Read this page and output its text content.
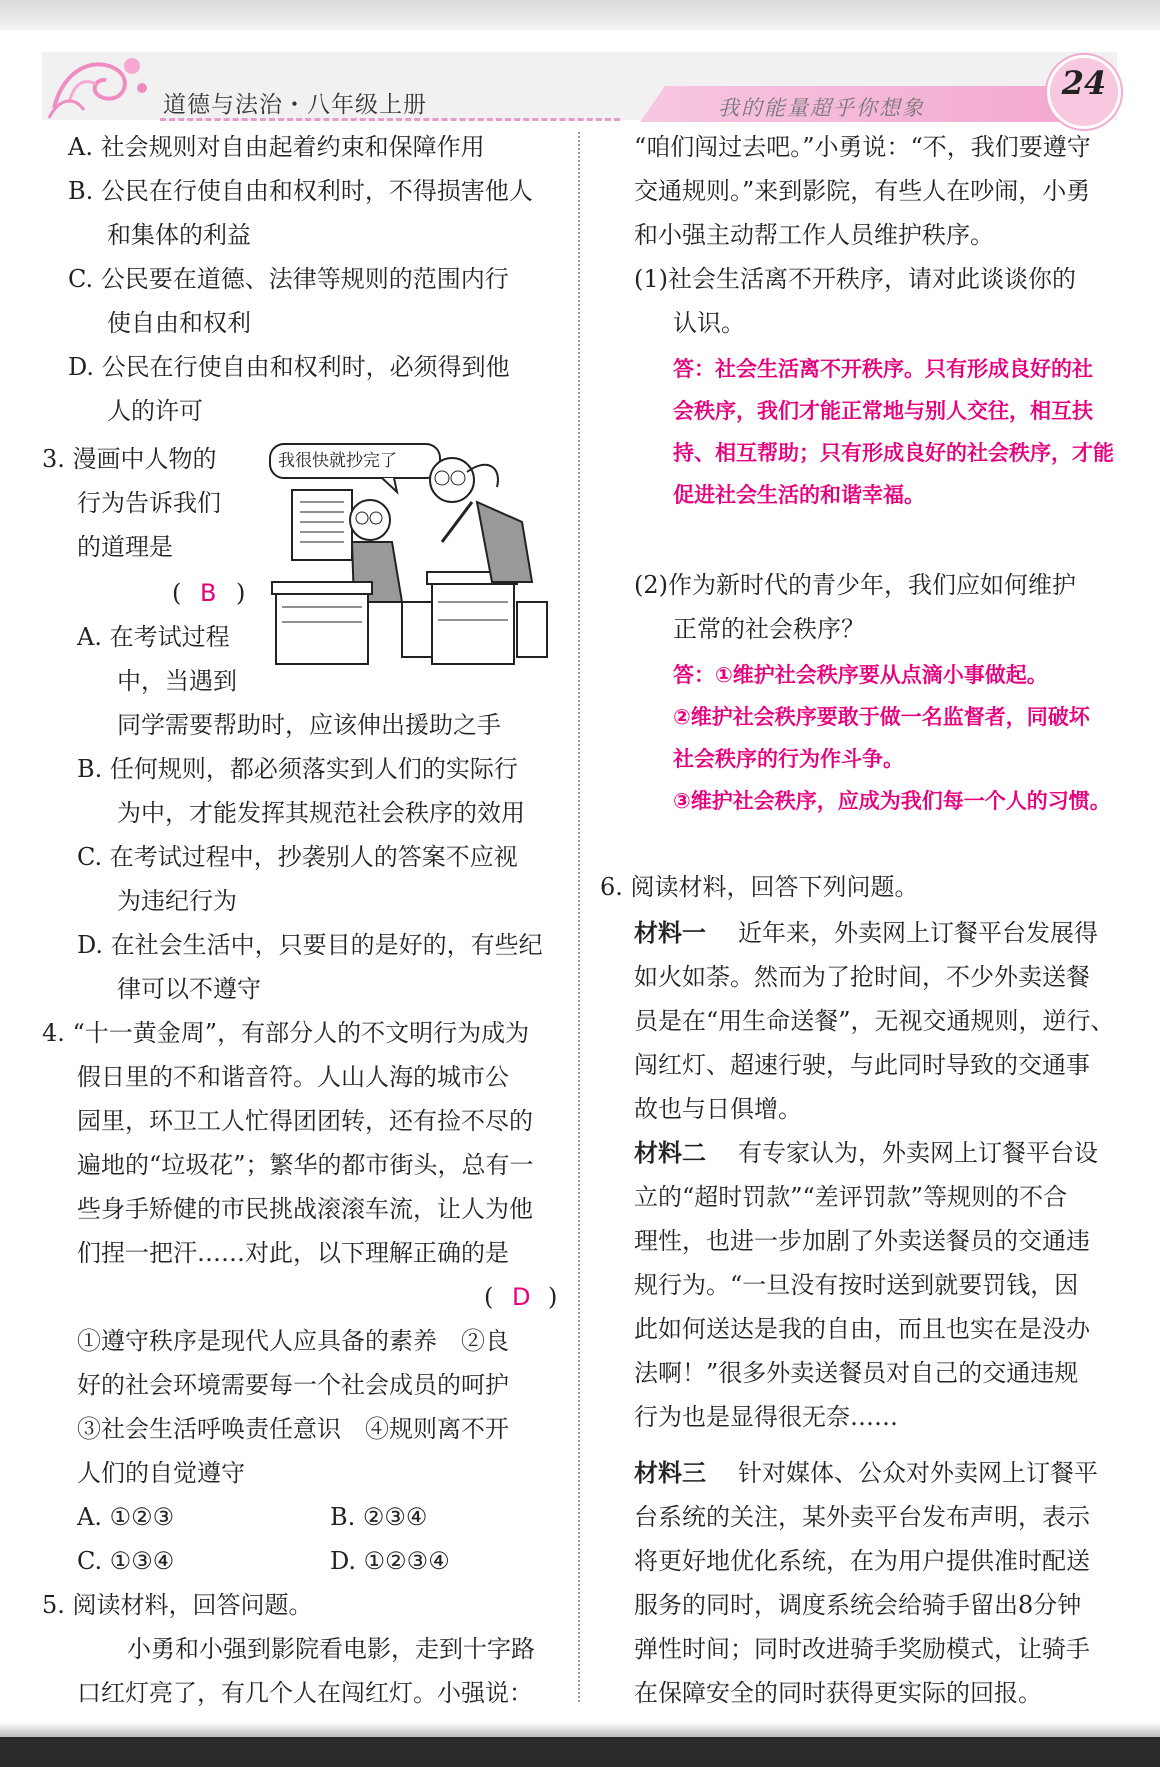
道德与法治・八年级上册	我的能量超乎你想象
24
A. 社会规则对自由起着约束和保障作用
B. 公民在行使自由和权利时，不得损害他人
和集体的利益
C. 公民要在道德、法律等规则的范围内行
使自由和权利
D. 公民在行使自由和权利时，必须得到他
人的许可
3. 漫画中人物的
行为告诉我们
的道理是
( B )
我很快就抄完了
A. 在考试过程
中，当遇到
同学需要帮助时，应该伸出援助之手
B. 任何规则，都必须落实到人们的实际行
为中，才能发挥其规范社会秩序的效用
C. 在考试过程中，抄袭别人的答案不应视
为违纪行为
D. 在社会生活中，只要目的是好的，有些纪
律可以不遵守
4. “十一黄金周”，有部分人的不文明行为成为
假日里的不和谐音符。人山人海的城市公
园里，环卫工人忙得团团转，还有捡不尽的
遍地的“垃圾花”；繁华的都市街头，总有一
些身手矫健的市民挑战滚滚车流，让人为他
们捏一把汗……对此，以下理解正确的是
( D )
①遵守秩序是现代人应具备的素养　②良
好的社会环境需要每一个社会成员的呵护
③社会生活呼唤责任意识　④规则离不开
人们的自觉遵守
A. ①②③	B. ②③④
C. ①③④	D. ①②③④
5. 阅读材料，回答问题。
小勇和小强到影院看电影，走到十字路
口红灯亮了，有几个人在闯红灯。小强说：
“咱们闯过去吧。”小勇说：“不，我们要遵守
交通规则。”来到影院，有些人在吵闹，小勇
和小强主动帮工作人员维护秩序。
(1)社会生活离不开秩序，请对此谈谈你的
认识。
答：社会生活离不开秩序。只有形成良好的社
会秩序，我们才能正常地与别人交往，相互扶
持、相互帮助；只有形成良好的社会秩序，才能
促进社会生活的和谐幸福。
(2)作为新时代的青少年，我们应如何维护
正常的社会秩序？
答：①维护社会秩序要从点滴小事做起。
②维护社会秩序要敢于做一名监督者，同破坏
社会秩序的行为作斗争。
③维护社会秩序，应成为我们每一个人的习惯。
6. 阅读材料，回答下列问题。
材料一 近年来，外卖网上订餐平台发展得
如火如荼。然而为了抢时间，不少外卖送餐
员是在“用生命送餐”，无视交通规则，逆行、
闯红灯、超速行驶，与此同时导致的交通事
故也与日俱增。
材料二 有专家认为，外卖网上订餐平台设
立的“超时罚款”“差评罚款”等规则的不合
理性，也进一步加剧了外卖送餐员的交通违
规行为。“一旦没有按时送到就要罚钱，因
此如何送达是我的自由，而且也实在是没办
法啊！”很多外卖送餐员对自己的交通违规
行为也是显得很无奈……
材料三 针对媒体、公众对外卖网上订餐平
台系统的关注，某外卖平台发布声明，表示
将更好地优化系统，在为用户提供准时配送
服务的同时，调度系统会给骑手留出8分钟
弹性时间；同时改进骑手奖励模式，让骑手
在保障安全的同时获得更实际的回报。
